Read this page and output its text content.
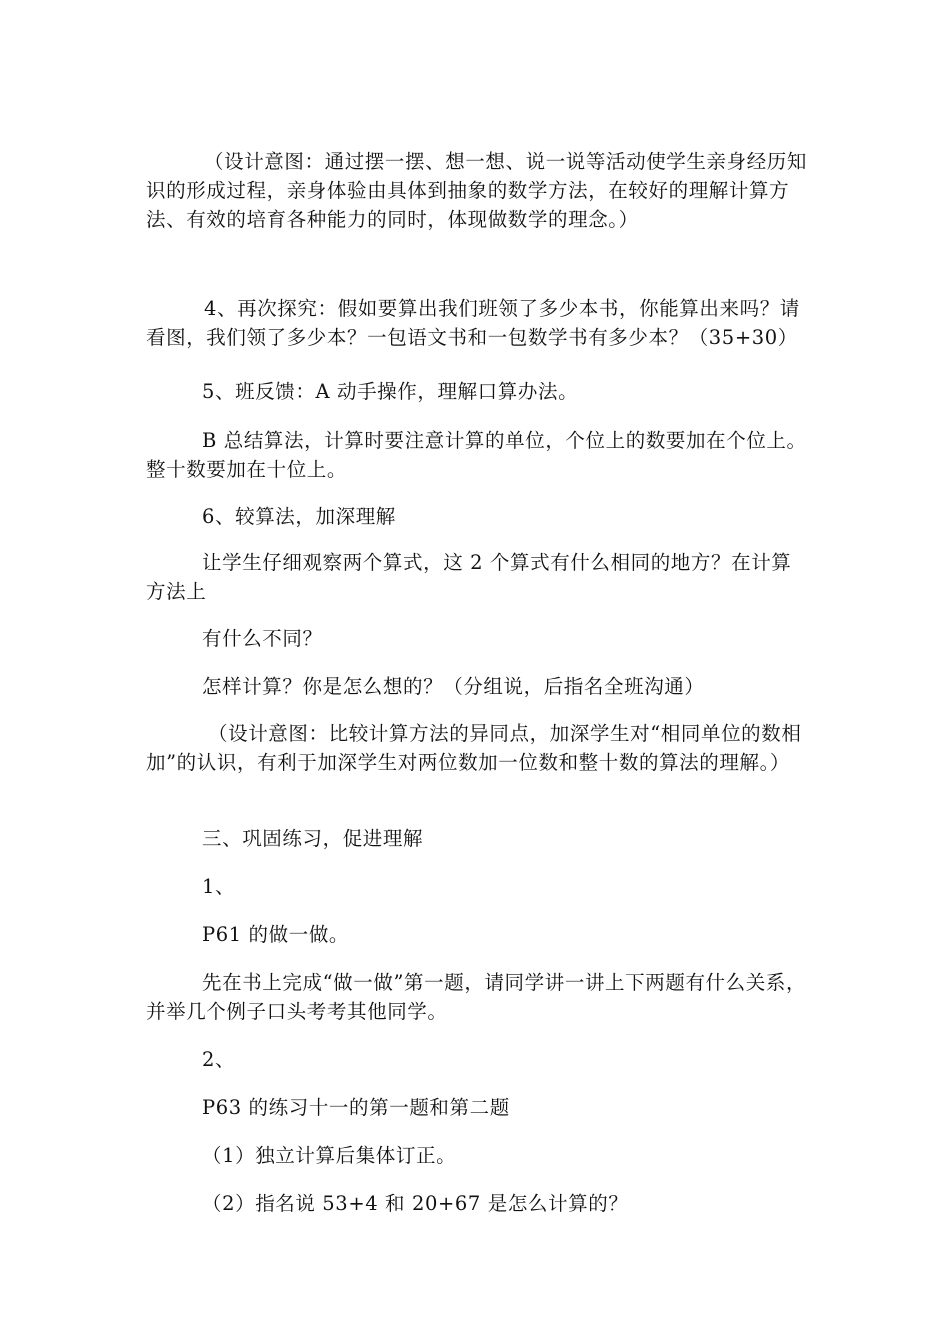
（设计意图：通过摆一摆、想一想、说一说等活动使学生亲身经历知识的形成过程，亲身体验由具体到抽象的数学方法，在较好的理解计算方法、有效的培育各种能力的同时，体现做数学的理念。）

4、再次探究：假如要算出我们班领了多少本书，你能算出来吗？请看图，我们领了多少本？一包语文书和一包数学书有多少本？（35+30）

5、班反馈：A 动手操作，理解口算办法。

B 总结算法，计算时要注意计算的单位，个位上的数要加在个位上。整十数要加在十位上。

6、较算法，加深理解

让学生仔细观察两个算式，这 2 个算式有什么相同的地方？在计算方法上

有什么不同？

怎样计算？你是怎么想的？（分组说，后指名全班沟通）

（设计意图：比较计算方法的异同点，加深学生对“相同单位的数相加”的认识，有利于加深学生对两位数加一位数和整十数的算法的理解。）

三、巩固练习，促进理解

1、

P61 的做一做。

先在书上完成“做一做”第一题，请同学讲一讲上下两题有什么关系，并举几个例子口头考考其他同学。

2、

P63 的练习十一的第一题和第二题

（1）独立计算后集体订正。

（2）指名说 53+4 和 20+67 是怎么计算的？
